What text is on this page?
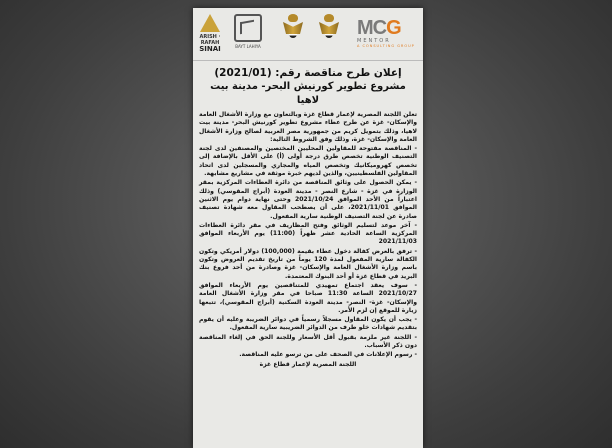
ARISH · RAFAH
SINAI	BAYT LAHIYA
MCG
MENTOR
A CONSULTING GROUP
إعلان طرح مناقصة رقم: (2021/01)
مشروع تطوير كورنيش البحر- مدينة بيت لاهيا

تعلن اللجنة المصرية لإعمار قطاع غزة وبالتعاون مع وزارة الأشغال العامة والإسكان- غزة عن طرح عطاء مشروع تطوير كورنيش البحر- مدينة بيت لاهيا، وذلك بتمويل كريم من جمهورية مصر العربية لصالح وزارة الأشغال العامة والإسكان- غزة، وذلك وفق الشروط التالية:

- المناقصة مفتوحة للمقاولين المحليين المختصين والمصنفين لدى لجنة التصنيف الوطنية تخصص طرق درجة أولى (أ) على الأقل بالإضافة إلى تخصص كهروميكانيك وتخصص المياه والمجاري والمسجلين لدى اتحاد المقاولين الفلسطينيين، والذين لديهم خبرة موثقة في مشاريع مشابهة.

- يمكن الحصول على وثائق المناقصة من دائرة العطاءات المركزية بمقر الوزارة في غزة - شارع النصر - مدينة العودة (أبراج المقوسي) وذلك اعتباراً من الأحد الموافق 2021/10/24 وحتى نهاية دوام يوم الاثنين الموافق 2021/11/01، على أن يصطحب المقاول معه شهادة تصنيف صادرة عن لجنة التصنيف الوطنية سارية المفعول.

- آخر موعد لتسليم الوثائق وفتح المظاريف في مقر دائرة العطاءات المركزية الساعة الحادية عشر ظهراً (11:00) يوم الأربعاء الموافق 2021/11/03

- ترفق بالعرض كفالة دخول عطاء بقيمة (100,000) دولار أمريكي وتكون الكفالة سارية المفعول لمدة 120 يوماً من تاريخ تقديم العروض وتكون باسم وزارة الأشغال العامة والإسكان- غزة وصادرة من أحد فروع بنك البريد في قطاع غزة أو أحد البنوك المعتمدة.

- سوف يعقد اجتماع تمهيدي للمتناقصين يوم الأربعاء الموافق 2021/10/27 الساعة 11:30 صباحا في مقر وزارة الأشغال العامة والإسكان- غزة- النصر- مدينة العودة السكنية (أبراج المقوسي)، تتبعها زيارة للموقع إن لزم الأمر.

- يجب أن يكون المقاول مسجلاً رسمياً في دوائر الضريبة وعليه أن يقوم بتقديم شهادات خلو طرف من الدوائر الضريبية سارية المفعول.

- اللجنة غير ملزمة بقبول أقل الأسعار وللجنة الحق في إلغاء المناقصة دون ذكر الأسباب.

- رسوم الإعلانات في الصحف على من ترسو عليه المناقصة.

اللجنة المصرية لإعمار قطاع غزة
